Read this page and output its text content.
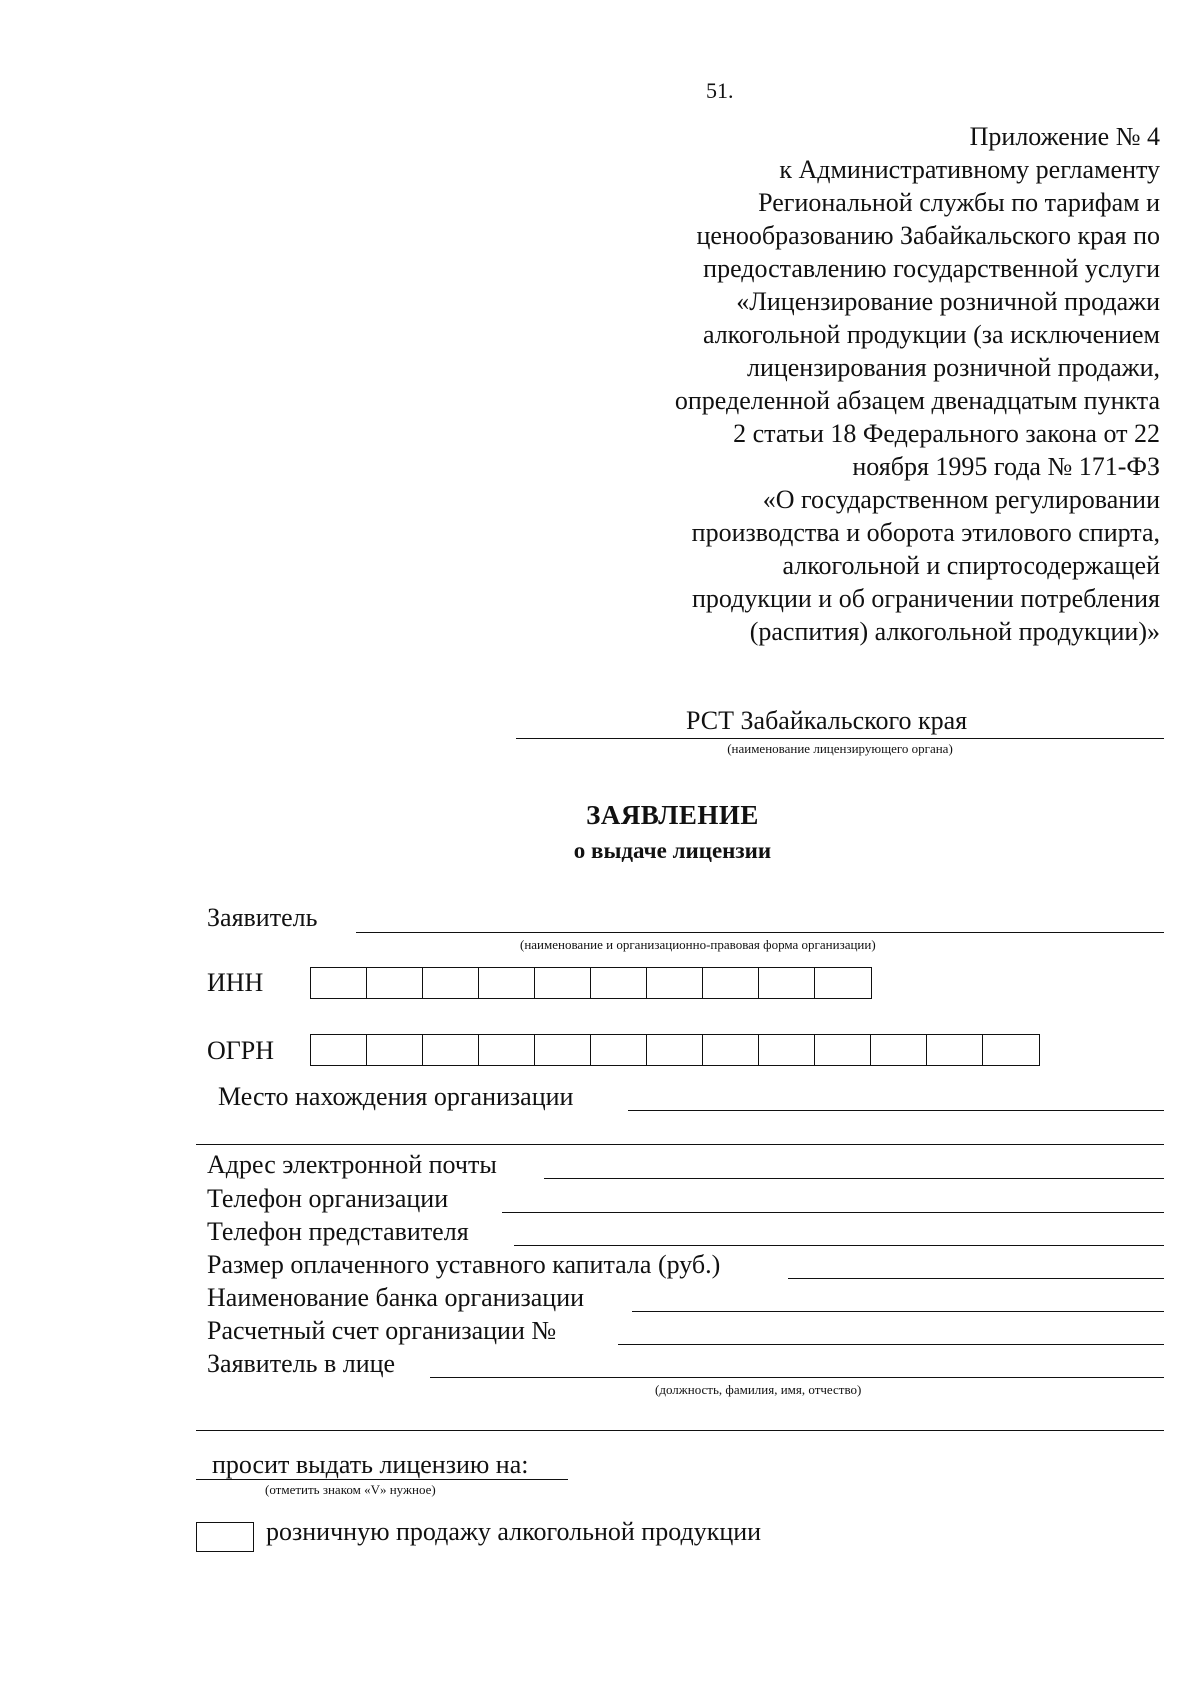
51.
Приложение № 4
к Административному регламенту
Региональной службы по тарифам и
ценообразованию Забайкальского края по
предоставлению государственной услуги
«Лицензирование розничной продажи
алкогольной продукции (за исключением
лицензирования розничной продажи,
определенной абзацем двенадцатым пункта
2 статьи 18 Федерального закона от 22
ноября 1995 года № 171-ФЗ
«О государственном регулировании
производства и оборота этилового спирта,
алкогольной и спиртосодержащей
продукции и об ограничении потребления
(распития) алкогольной продукции)»
РСТ Забайкальского края
(наименование лицензирующего органа)
ЗАЯВЛЕНИЕ
о выдаче лицензии
Заявитель
(наименование и организационно-правовая форма организации)
ИНН
ОГРН
Место нахождения организации
Адрес электронной почты
Телефон организации
Телефон представителя
Размер оплаченного уставного капитала (руб.)
Наименование банка организации
Расчетный счет организации №
Заявитель в лице
(должность, фамилия, имя, отчество)
просит выдать лицензию на:
(отметить знаком «V» нужное)
розничную продажу алкогольной продукции
